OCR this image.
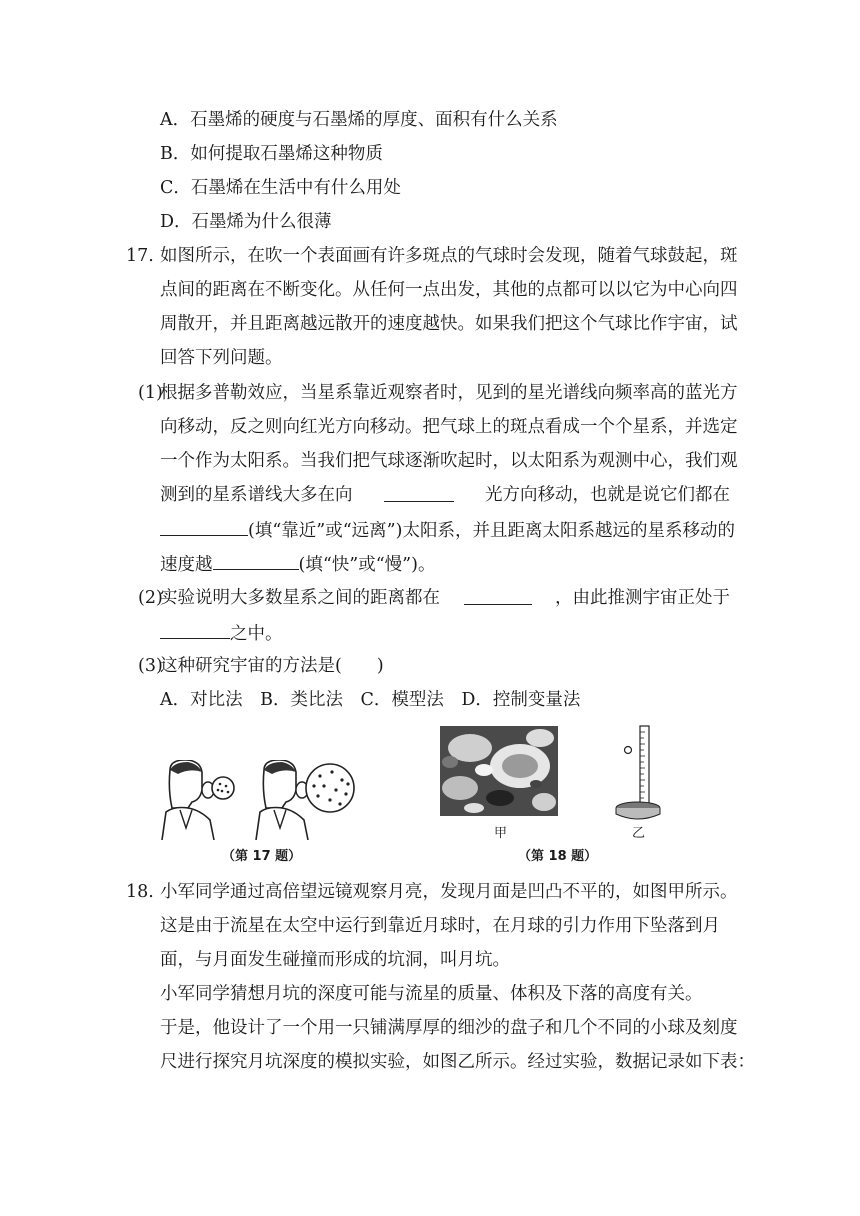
A．石墨烯的硬度与石墨烯的厚度、面积有什么关系
B．如何提取石墨烯这种物质
C．石墨烯在生活中有什么用处
D．石墨烯为什么很薄
17. 如图所示，在吹一个表面画有许多斑点的气球时会发现，随着气球鼓起，斑
点间的距离在不断变化。从任何一点出发，其他的点都可以以它为中心向四
周散开，并且距离越远散开的速度越快。如果我们把这个气球比作宇宙，试
回答下列问题。
(1)
根据多普勒效应，当星系靠近观察者时，见到的星光谱线向频率高的蓝光方
向移动，反之则向红光方向移动。把气球上的斑点看成一个个星系，并选定
一个作为太阳系。当我们把气球逐渐吹起时，以太阳系为观测中心，我们观
测到的星系谱线大多在向	光方向移动，也就是说它们都在
(填“靠近”或“远离”)太阳系，并且距离太阳系越远的星系移动的
速度越	(填“快”或“慢”)。
(2)
实验说明大多数星系之间的距离都在	，由此推测宇宙正处于
之中。
(3)
这种研究宇宙的方法是(　　)
A．对比法　B．类比法　C．模型法　D．控制变量法
（第 17 题）
甲	乙
（第 18 题）
18. 小军同学通过高倍望远镜观察月亮，发现月面是凹凸不平的，如图甲所示。
这是由于流星在太空中运行到靠近月球时，在月球的引力作用下坠落到月
面，与月面发生碰撞而形成的坑洞，叫月坑。
小军同学猜想月坑的深度可能与流星的质量、体积及下落的高度有关。
于是，他设计了一个用一只铺满厚厚的细沙的盘子和几个不同的小球及刻度
尺进行探究月坑深度的模拟实验，如图乙所示。经过实验，数据记录如下表：
